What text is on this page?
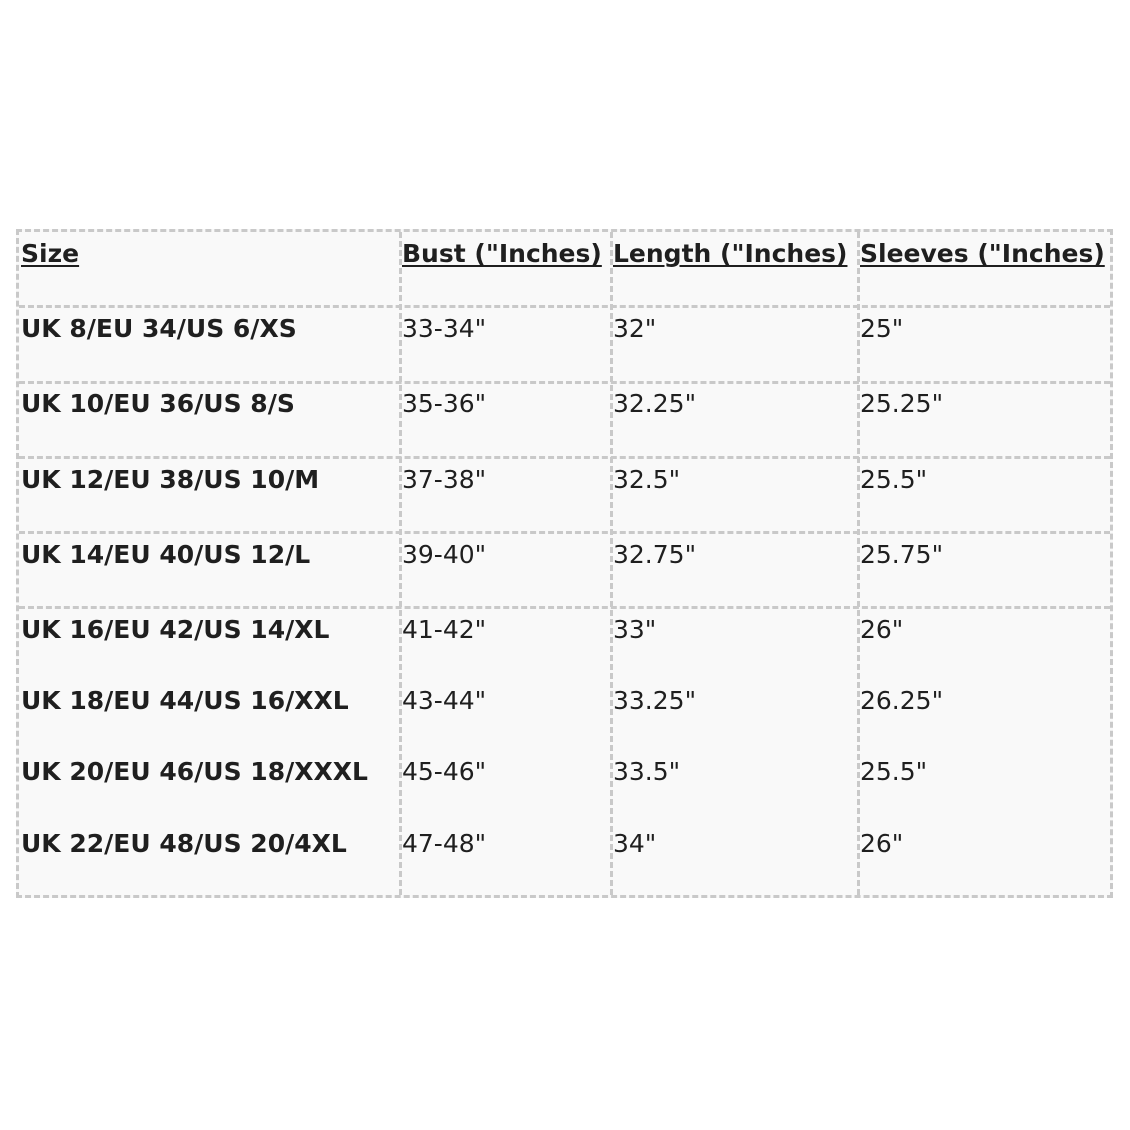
Size	Bust ("Inches) Length ("Inches) Sleeves ("Inches)
UK 8/EU 34/US 6/XS	33-34"	32"	25"
UK 10/EU 36/US 8/S	35-36"	32.25"	25.25"
UK 12/EU 38/US 10/M	37-38"	32.5"	25.5"
UK 14/EU 40/US 12/L	39-40"	32.75"	25.75"
UK 16/EU 42/US 14/XL	41-42"	33"	26"
UK 18/EU 44/US 16/XXL 43-44"	33.25"	26.25"
UK 20/EU 46/US 18/XXXL 45-46"	33.5"	25.5"
UK 22/EU 48/US 20/4XL 47-48"	34"	26"
